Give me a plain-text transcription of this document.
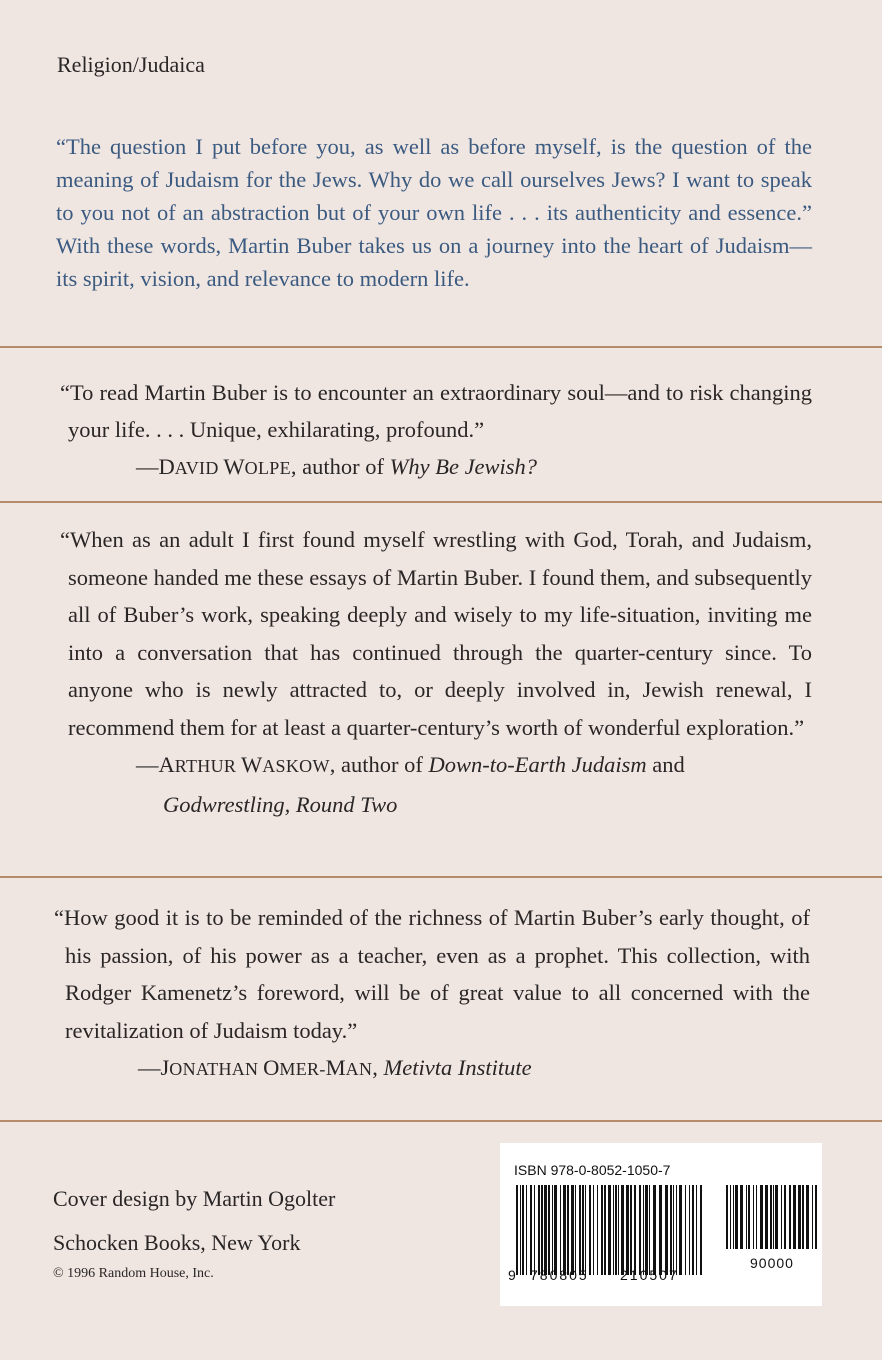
Religion/Judaica

“The question I put before you, as well as before myself, is the question of the meaning of Judaism for the Jews. Why do we call ourselves Jews? I want to speak to you not of an abstraction but of your own life . . . its authenticity and essence.” With these words, Martin Buber takes us on a journey into the heart of Judaism—its spirit, vision, and relevance to modern life.

“To read Martin Buber is to encounter an extraordinary soul—and to risk changing your life. . . . Unique, exhilarating, profound.”
—DAVID WOLPE, author of Why Be Jewish?
“When as an adult I first found myself wrestling with God, Torah, and Judaism, someone handed me these essays of Martin Buber. I found them, and subsequently all of Buber’s work, speaking deeply and wisely to my life-situation, inviting me into a conversation that has continued through the quarter-century since. To anyone who is newly attracted to, or deeply involved in, Jewish renewal, I recommend them for at least a quarter-century’s worth of wonderful exploration.”
—ARTHUR WASKOW, author of Down-to-Earth Judaism and
Godwrestling, Round Two
“How good it is to be reminded of the richness of Martin Buber’s early thought, of his passion, of his power as a teacher, even as a prophet. This collection, with Rodger Kamenetz’s foreword, will be of great value to all concerned with the revitalization of Judaism today.”
—JONATHAN OMER-MAN, Metivta Institute
Cover design by Martin Ogolter
Schocken Books, New York
© 1996 Random House, Inc.
ISBN 978-0-8052-1050-7
9 780805 210507
90000
